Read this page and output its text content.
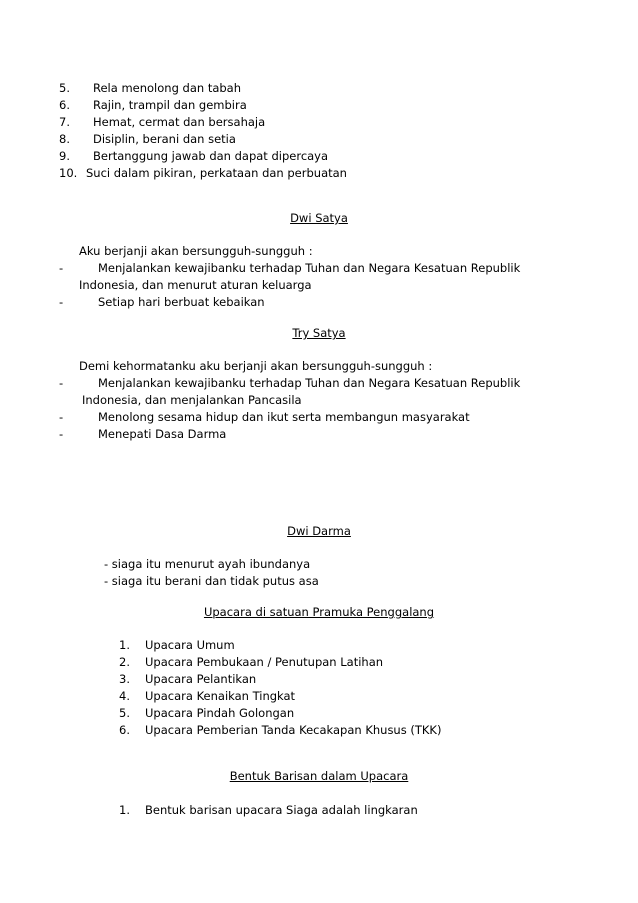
5. Rela menolong dan tabah
6. Rajin, trampil dan gembira
7. Hemat, cermat dan bersahaja
8. Disiplin, berani dan setia
9. Bertanggung jawab dan dapat dipercaya
10. Suci dalam pikiran, perkataan dan perbuatan
Dwi Satya
Aku berjanji akan bersungguh-sungguh :
-	Menjalankan kewajibanku terhadap Tuhan dan Negara Kesatuan Republik
Indonesia, dan menurut aturan keluarga
-	Setiap hari berbuat kebaikan
Try Satya
Demi kehormatanku aku berjanji akan bersungguh-sungguh :
-	Menjalankan kewajibanku terhadap Tuhan dan Negara Kesatuan Republik
Indonesia, dan menjalankan Pancasila
-	Menolong sesama hidup dan ikut serta membangun masyarakat
-	Menepati Dasa Darma
Dwi Darma
- siaga itu menurut ayah ibundanya
- siaga itu berani dan tidak putus asa
Upacara di satuan Pramuka Penggalang
1. Upacara Umum
2. Upacara Pembukaan / Penutupan Latihan
3. Upacara Pelantikan
4. Upacara Kenaikan Tingkat
5. Upacara Pindah Golongan
6. Upacara Pemberian Tanda Kecakapan Khusus (TKK)
Bentuk Barisan dalam Upacara
1. Bentuk barisan upacara Siaga adalah lingkaran
